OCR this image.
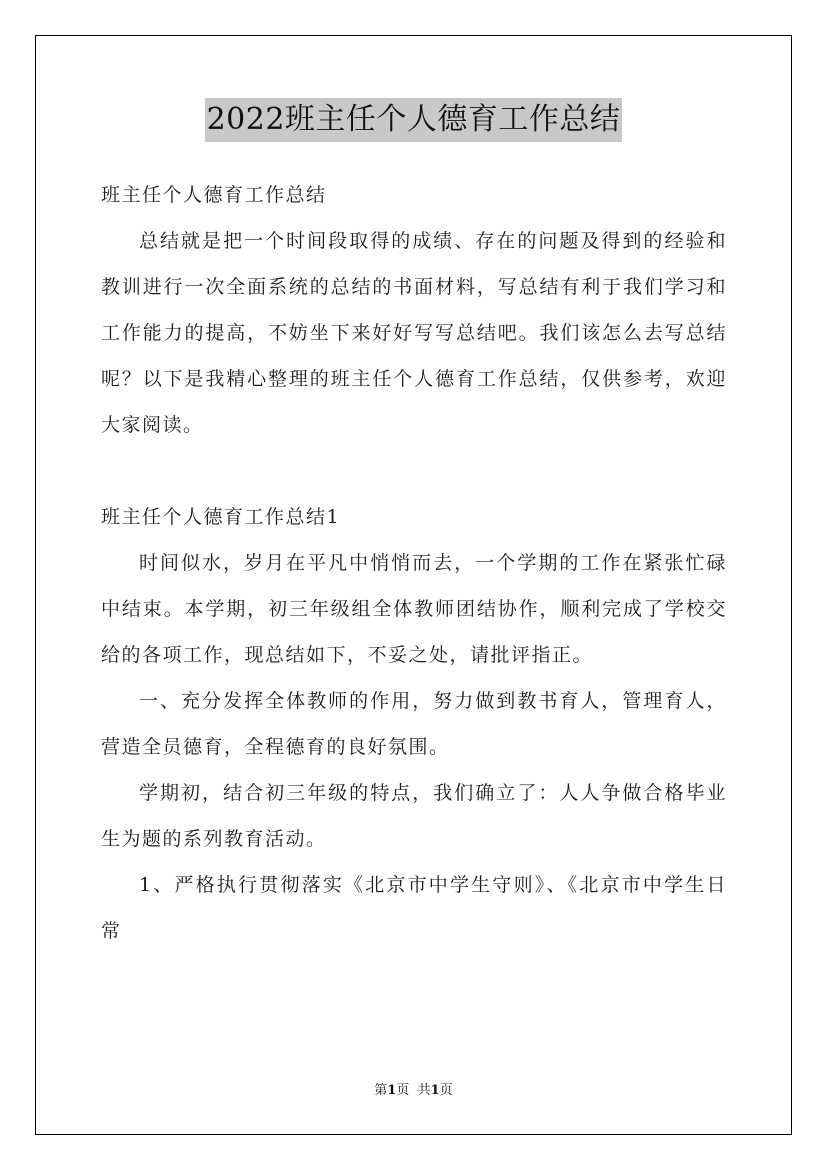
2022班主任个人德育工作总结

班主任个人德育工作总结

总结就是把一个时间段取得的成绩、存在的问题及得到的经验和教训进行一次全面系统的总结的书面材料，写总结有利于我们学习和工作能力的提高，不妨坐下来好好写写总结吧。我们该怎么去写总结呢？以下是我精心整理的班主任个人德育工作总结，仅供参考，欢迎大家阅读。

班主任个人德育工作总结1

时间似水，岁月在平凡中悄悄而去，一个学期的工作在紧张忙碌中结束。本学期，初三年级组全体教师团结协作，顺利完成了学校交给的各项工作，现总结如下，不妥之处，请批评指正。

一、充分发挥全体教师的作用，努力做到教书育人，管理育人，营造全员德育，全程德育的良好氛围。

学期初，结合初三年级的特点，我们确立了：人人争做合格毕业生为题的系列教育活动。

1、严格执行贯彻落实《北京市中学生守则》、《北京市中学生日常

第1页 共1页
